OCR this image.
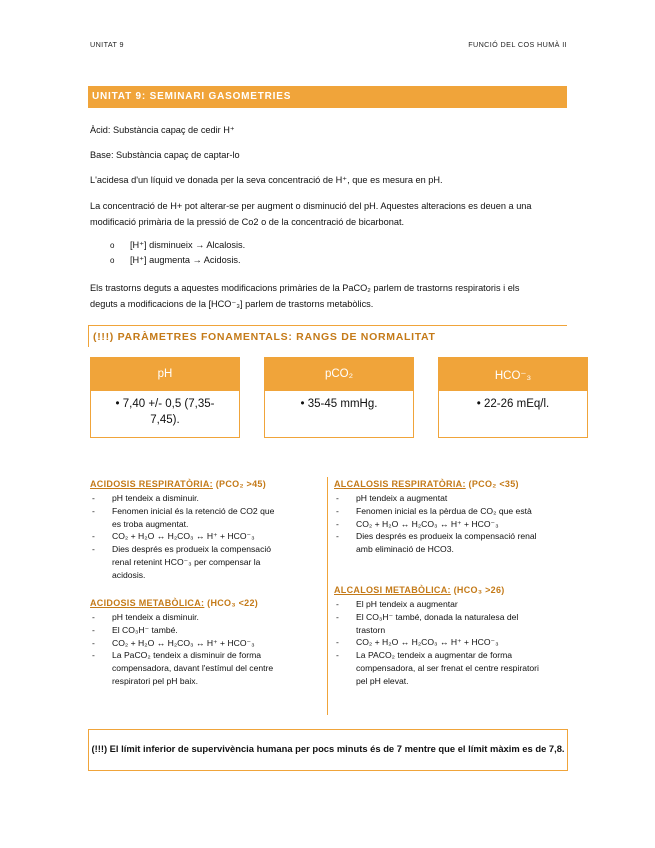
UNITAT 9	FUNCIÓ DEL COS HUMÀ II
UNITAT 9: SEMINARI GASOMETRIES
Àcid: Substància capaç de cedir H⁺
Base: Substància capaç de captar-lo
L'acidesa d'un líquid ve donada per la seva concentració de H⁺, que es mesura en pH.
La concentració de H+ pot alterar-se per augment o disminució del pH. Aquestes alteracions es deuen a una
modificació primària de la pressió de Co2 o de la concentració de bicarbonat.
o [H⁺] disminueix → Alcalosis.
o [H⁺] augmenta → Acidosis.
Els trastorns deguts a aquestes modificacions primàries de la PaCO₂ parlem de trastorns respiratoris i els
deguts a modificacions de la [HCO⁻₃] parlem de trastorns metabòlics.
(!!!) PARÀMETRES FONAMENTALS: RANGS DE NORMALITAT
pH
• 7,40 +/- 0,5 (7,35-
7,45).
pCO₂
• 35-45 mmHg.
HCO⁻₃
• 22-26 mEq/l.
ACIDOSIS RESPIRATÒRIA: (PCO₂ >45)
- pH tendeix a disminuir.
- Fenomen inicial és la retenció de CO2 que
es troba augmentat.
- CO₂ + H₂O ↔ H₂CO₃ ↔ H⁺ + HCO⁻₃
- Dies després es produeix la compensació
renal retenint HCO⁻₃ per compensar la
acidosis.
ACIDOSIS METABÒLICA: (HCO₃ <22)
- pH tendeix a disminuir.
- El CO₃H⁻ també.
- CO₂ + H₂O ↔ H₂CO₃ ↔ H⁺ + HCO⁻₃
- La PaCO₂ tendeix a disminuir de forma
compensadora, davant l'estímul del centre
respiratori pel pH baix.
ALCALOSIS RESPIRATÒRIA: (PCO₂ <35)
- pH tendeix a augmentat
- Fenomen inicial es la pèrdua de CO₂ que està
- CO₂ + H₂O ↔ H₂CO₃ ↔ H⁺ + HCO⁻₃
- Dies després es produeix la compensació renal
amb eliminació de HCO3.
ALCALOSI METABÒLICA: (HCO₃ >26)
- El pH tendeix a augmentar
- El CO₃H⁻ també, donada la naturalesa del
trastorn
- CO₂ + H₂O ↔ H₂CO₃ ↔ H⁺ + HCO⁻₃
- La PACO₂ tendeix a augmentar de forma
compensadora, al ser frenat el centre respiratori
pel pH elevat.
(!!!) El límit inferior de supervivència humana per pocs minuts és de 7 mentre que el límit màxim es de 7,8.
